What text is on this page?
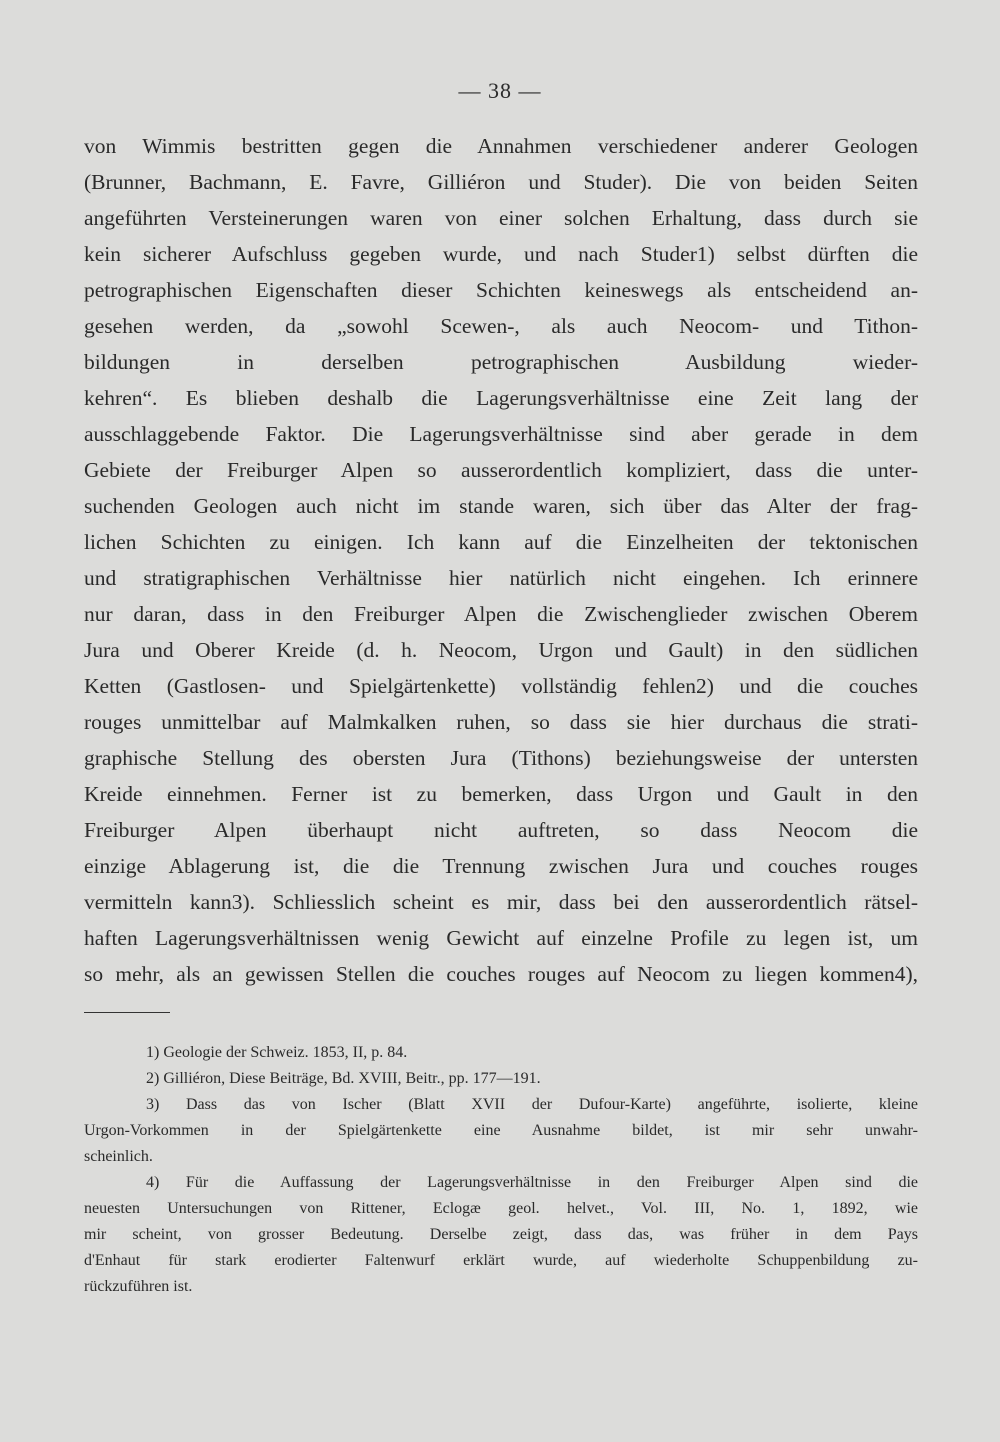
— 38 —
von Wimmis bestritten gegen die Annahmen verschiedener anderer Geologen
(Brunner, Bachmann, E. Favre, Gilliéron und Studer). Die von beiden Seiten
angeführten Versteinerungen waren von einer solchen Erhaltung, dass durch sie
kein sicherer Aufschluss gegeben wurde, und nach Studer1) selbst dürften die
petrographischen Eigenschaften dieser Schichten keineswegs als entscheidend an-
gesehen werden, da „sowohl Scewen-, als auch Neocom- und Tithon-
bildungen in derselben petrographischen Ausbildung wieder-
kehren“. Es blieben deshalb die Lagerungsverhältnisse eine Zeit lang der
ausschlaggebende Faktor. Die Lagerungsverhältnisse sind aber gerade in dem
Gebiete der Freiburger Alpen so ausserordentlich kompliziert, dass die unter-
suchenden Geologen auch nicht im stande waren, sich über das Alter der frag-
lichen Schichten zu einigen. Ich kann auf die Einzelheiten der tektonischen
und stratigraphischen Verhältnisse hier natürlich nicht eingehen. Ich erinnere
nur daran, dass in den Freiburger Alpen die Zwischenglieder zwischen Oberem
Jura und Oberer Kreide (d. h. Neocom, Urgon und Gault) in den südlichen
Ketten (Gastlosen- und Spielgärtenkette) vollständig fehlen2) und die couches
rouges unmittelbar auf Malmkalken ruhen, so dass sie hier durchaus die strati-
graphische Stellung des obersten Jura (Tithons) beziehungsweise der untersten
Kreide einnehmen. Ferner ist zu bemerken, dass Urgon und Gault in den
Freiburger Alpen überhaupt nicht auftreten, so dass Neocom die
einzige Ablagerung ist, die die Trennung zwischen Jura und couches rouges
vermitteln kann3). Schliesslich scheint es mir, dass bei den ausserordentlich rätsel-
haften Lagerungsverhältnissen wenig Gewicht auf einzelne Profile zu legen ist, um
so mehr, als an gewissen Stellen die couches rouges auf Neocom zu liegen kommen4),
1) Geologie der Schweiz. 1853, II, p. 84.
2) Gilliéron, Diese Beiträge, Bd. XVIII, Beitr., pp. 177—191.
3) Dass das von Ischer (Blatt XVII der Dufour-Karte) angeführte, isolierte, kleine
Urgon-Vorkommen in der Spielgärtenkette eine Ausnahme bildet, ist mir sehr unwahr-
scheinlich.
4) Für die Auffassung der Lagerungsverhältnisse in den Freiburger Alpen sind die
neuesten Untersuchungen von Rittener, Eclogæ geol. helvet., Vol. III, No. 1, 1892, wie
mir scheint, von grosser Bedeutung. Derselbe zeigt, dass das, was früher in dem Pays
d'Enhaut für stark erodierter Faltenwurf erklärt wurde, auf wiederholte Schuppenbildung zu-
rückzuführen ist.
